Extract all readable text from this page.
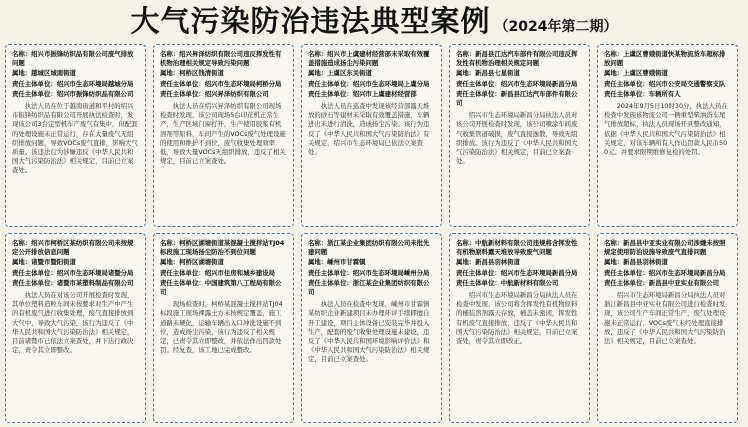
大气污染防治违法典型案例 （2024年第二期）
名称：绍兴市振锋纺织品有限公司废气排放问题
属地：越城区城南街道
责任主体单位：绍兴市生态环境局越城分局
责任主体单位：绍兴市振锋纺织品有限公司
执法人员在位于越南街道和平村的绍兴市振锋纺织品有限公司开展执法检查时，发现该公司3台定型机车产废气有集中，但配套的处理设施未正常运行，存在大量废气无组织排放问题，导致VOCs废气直排，影响大气质量。该违法行为涉嫌违反《中华人民共和国大气污染防治法》相关规定，目前已立案查处。
名称：绍兴昇泽纺织有限公司违反挥发性有机物治理相关规定导致污染问题
属地：柯桥区钱清街道
责任主体单位：绍兴市生态环境局柯桥分局
责任主体单位：绍兴昇泽纺织有限公司
执法人员在绍兴昇泽纺织有限公司现场检查时发现，该公司现场5台印花机正常生产，生产区域门窗打开，生产使用胶浆有机溶剂等原料，车间产生的VOCs废气处理设施的使用和维护不到位，废气收集处理效率低，导致大量VOCs无组织排放，违反了相关规定，目前已立案查处。
名称：绍兴市上虞建材经营部未采取有效覆盖措施造成扬尘污染问题
属地：上虞区东关街道
责任主体单位：绍兴市生态环境局上虞分局
责任主体单位：绍兴市上虞建材经营部
执法人员在巡查中发现该经营部露天堆放的砂石等建材未采取有效覆盖措施，车辆进出未进行清洗，造成扬尘污染。该行为违反了《中华人民共和国大气污染防治法》有关规定，绍兴市生态环境局已依法立案查处。
名称：新昌县江达汽车部件有限公司违反挥发性有机物治理相关规定问题
属地：新昌县七星街道
责任主体单位：绍兴市生态环境局新昌分局
责任主体单位：新昌县江达汽车部件有限公司
绍兴市生态环境局新昌分局执法人员对该公司开展检查时发现，该公司喷涂车间废气收集管道破损，废气直接逸散，导致无组织排放。该行为违反了《中华人民共和国大气污染防治法》相关规定，目前已立案查处。
名称：上虞区曹娥街道快某物流货车超标排放问题
属地：上虞区曹娥街道
责任主体单位：绍兴市公安局交通警察支队
责任主体单位：车辆所有人
2024年9月5日10时30分，执法人员在检查中发现该物流公司一辆重型柴油货车尾气排放超标，执法人员现场开具整改通知，依据《中华人民共和国大气污染防治法》相关规定，对该车辆所有人作出罚款人民币500元、并要求限期维修复检的处罚。
名称：绍兴市柯桥区某纺织有限公司未按规定公开排放信息问题
属地：诸暨市暨阳街道
责任主体单位：绍兴市生态环境局诸暨分局
责任主体单位：诸暨市某塑料制品有限公司
执法人员在对该公司开展检查时发现，其单位塑料造粒车间未按要求对生产中产生的有机废气进行收集处理，废气直接排放到大气中，导致大气污染，该行为违反了《中华人民共和国大气污染防治法》相关规定，目前诸暨市已依法立案查处，并下达行政决定，责令其立即整改。
名称：柯桥区湖塘街道某混凝土搅拌站TJ04标段施工现场扬尘防治不到位问题
属地：柯桥区湖塘街道
责任主体单位：绍兴市住房和城乡建设局
责任主体单位：中国建筑第八工程局有限公司
现场检查时，柯桥某混凝土搅拌站TJ04标段施工现场裸露土方未按规定覆盖，施工道路未硬化，运输车辆出入口冲洗设施不到位，造成扬尘污染，该行为违反了相关规定，已责令其立即整改，并依法作出罚款处罚。经复查，该工地已完成整改。
名称：浙江某企业集团纺织有限公司未批先建问题
属地：嵊州市甘霖镇
责任主体单位：绍兴市生态环境局嵊州分局
责任主体单位：浙江某企业集团纺织有限公司
执法人员在检查中发现，嵊州市甘霖镇某纺织企业新建项目未办理环评手续即擅自开工建设，项目主体设备已安装完毕并投入生产，配套的废气收集处理设施未建设，违反了《中华人民共和国环境影响评价法》和《中华人民共和国大气污染防治法》相关规定，目前已立案查处。
名称：中航新材料有限公司违规将含挥发性有机物原料露天堆放导致废气问题
属地：新昌县羽林街道
责任主体单位：绍兴市生态环境局新昌分局
责任主体单位：中航新材料有限公司
绍兴市生态环境局新昌分局执法人员在检查中发现，该公司将含挥发性有机物原料的桶装溶剂露天存放，桶盖未密闭，挥发性有机废气直接排放，违反了《中华人民共和国大气污染防治法》相关规定，目前已立案查处，责令其立即改正。
名称：新昌县中亚实业有限公司涉嫌未按照规定使用防治设施导致废气直排问题
属地：新昌县羽林街道
责任主体单位：绍兴市生态环境局新昌分局
责任主体单位：新昌县中亚实业有限公司
绍兴市生态环境局新昌分局执法人员对浙江新昌县中亚实业有限公司进行检查时发现，该公司生产车间正常生产，废气处理设施未正常运行，VOCs废气未经处理直接排放，违反了《中华人民共和国大气污染防治法》相关规定，目前已立案查处。
